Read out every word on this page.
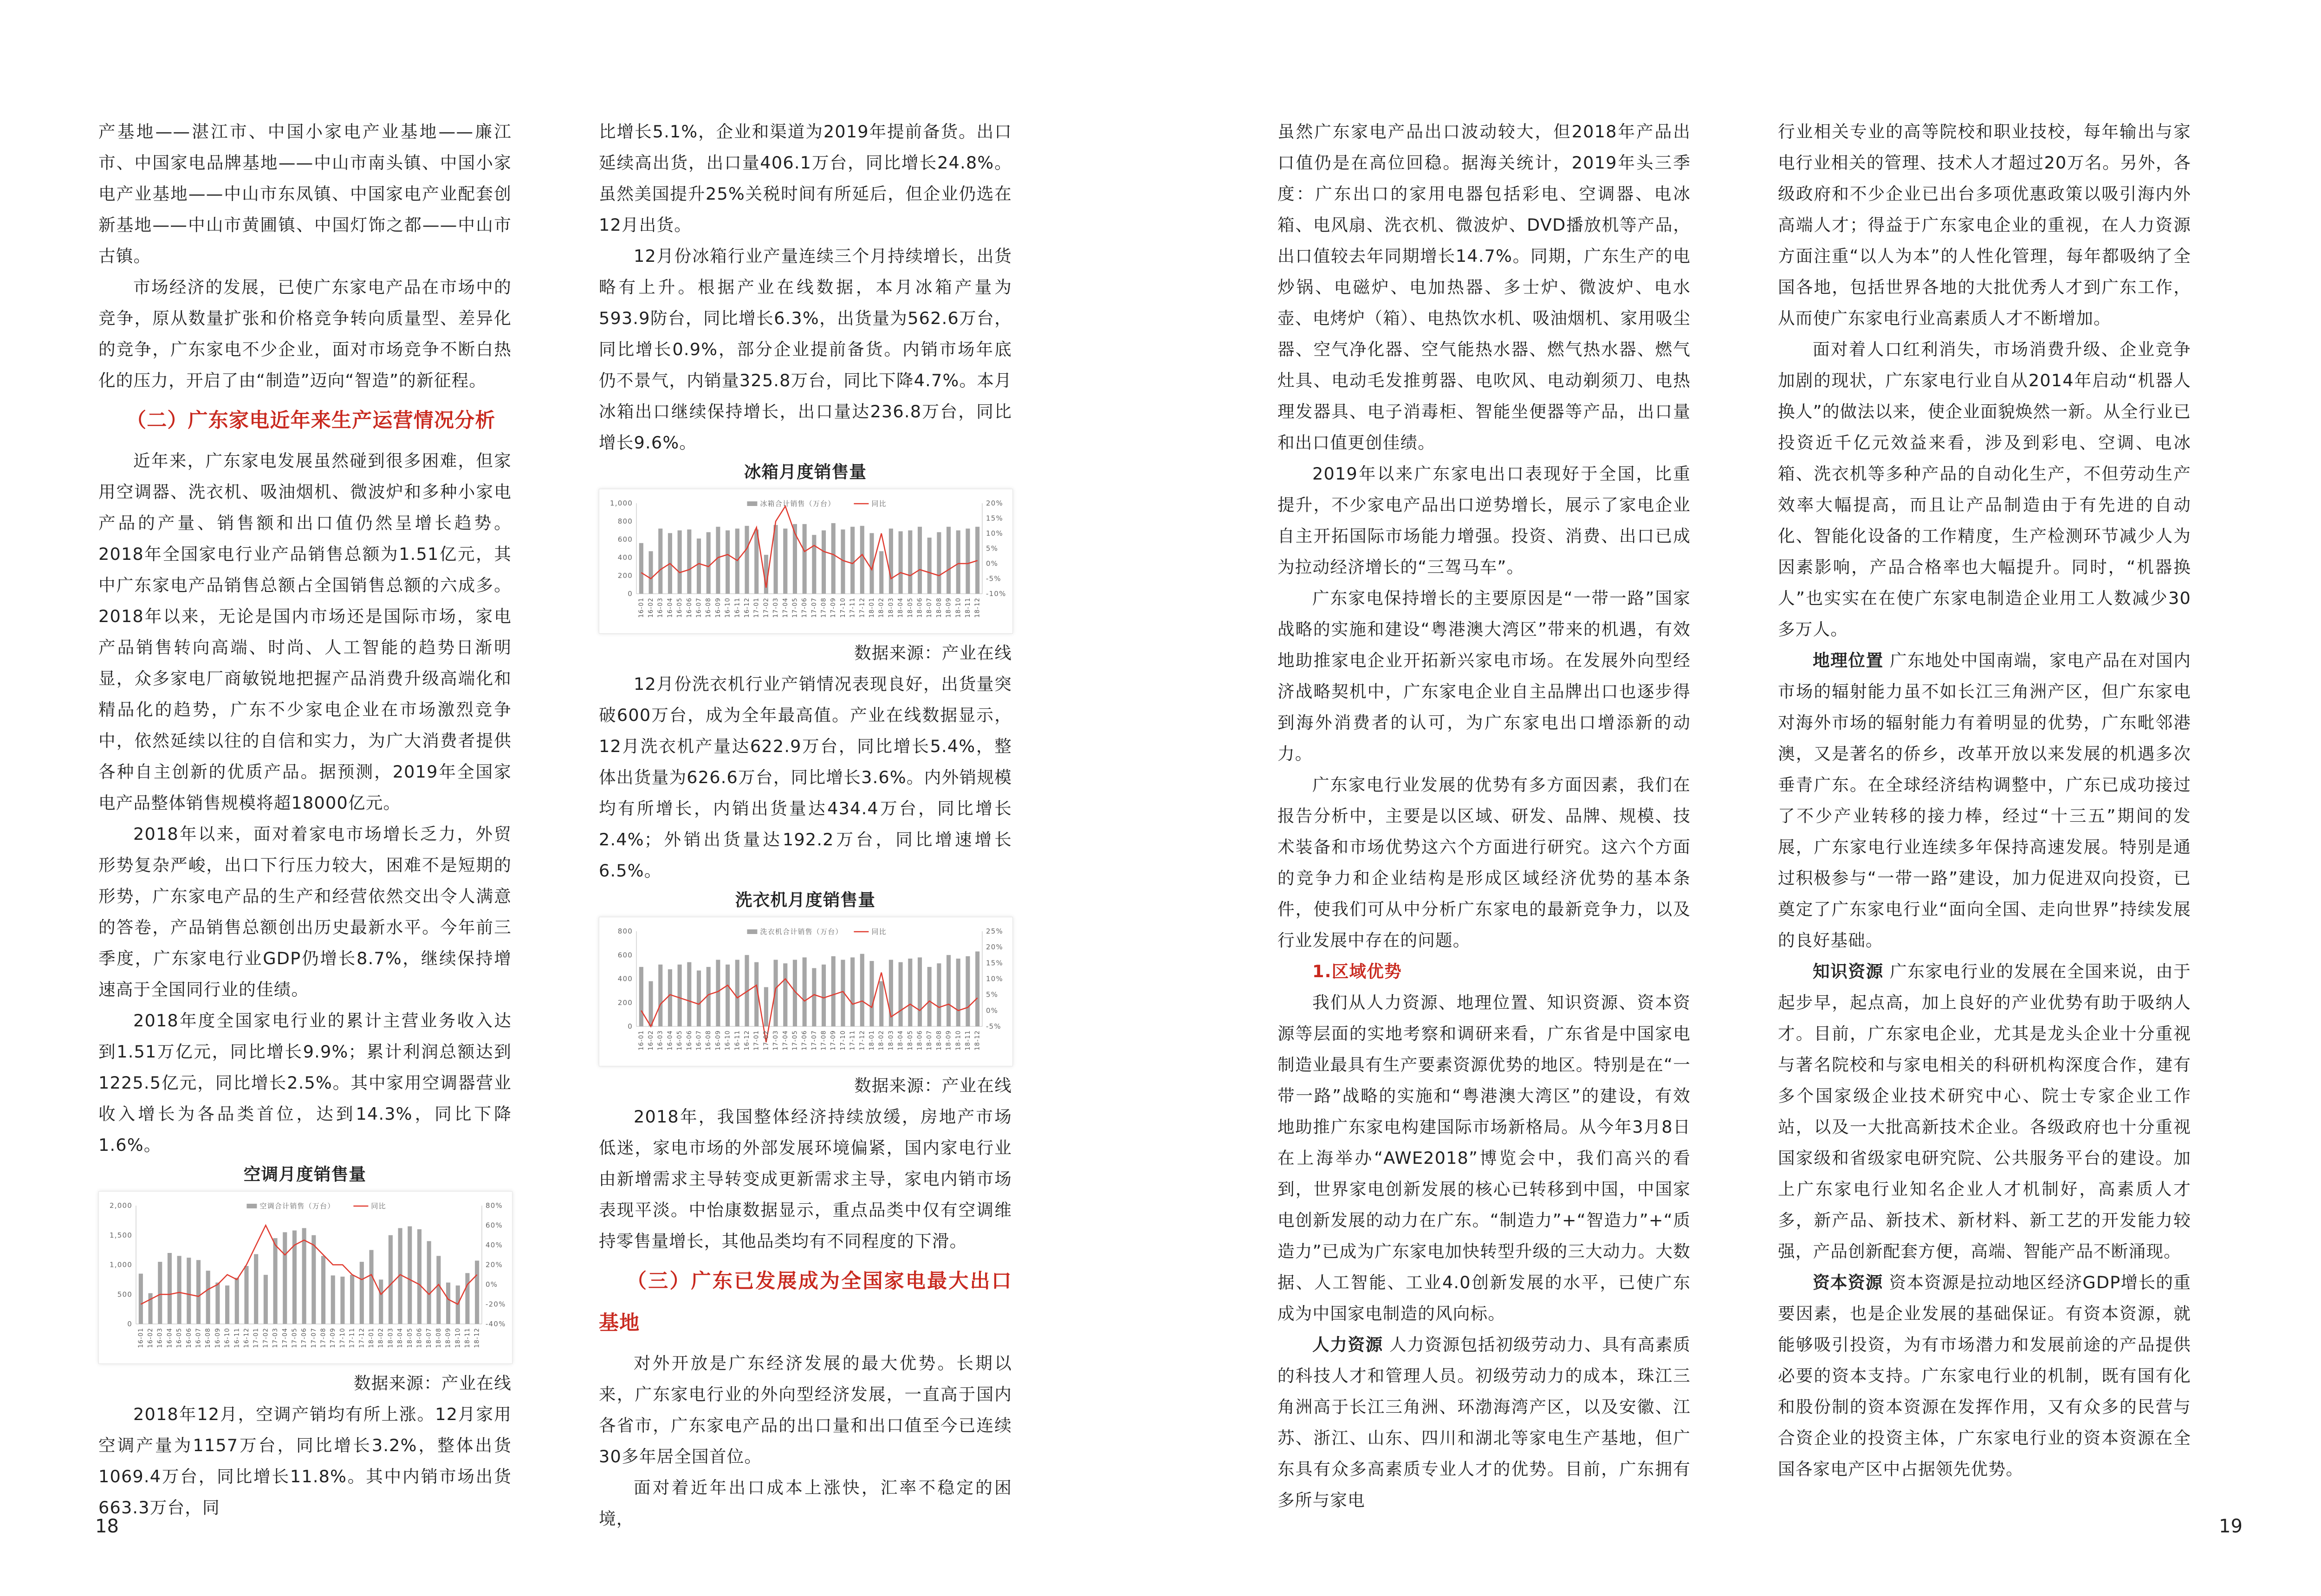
产基地——湛江市、中国小家电产业基地——廉江市、中国家电品牌基地——中山市南头镇、中国小家电产业基地——中山市东凤镇、中国家电产业配套创新基地——中山市黄圃镇、中国灯饰之都——中山市古镇。

市场经济的发展，已使广东家电产品在市场中的竞争，原从数量扩张和价格竞争转向质量型、差异化的竞争，广东家电不少企业，面对市场竞争不断白热化的压力，开启了由“制造”迈向“智造”的新征程。

（二）广东家电近年来生产运营情况分析

近年来，广东家电发展虽然碰到很多困难，但家用空调器、洗衣机、吸油烟机、微波炉和多种小家电产品的产量、销售额和出口值仍然呈增长趋势。2018年全国家电行业产品销售总额为1.51亿元，其中广东家电产品销售总额占全国销售总额的六成多。2018年以来，无论是国内市场还是国际市场，家电产品销售转向高端、时尚、人工智能的趋势日渐明显，众多家电厂商敏锐地把握产品消费升级高端化和精品化的趋势，广东不少家电企业在市场激烈竞争中，依然延续以往的自信和实力，为广大消费者提供各种自主创新的优质产品。据预测，2019年全国家电产品整体销售规模将超18000亿元。

2018年以来，面对着家电市场增长乏力，外贸形势复杂严峻，出口下行压力较大，困难不是短期的形势，广东家电产品的生产和经营依然交出令人满意的答卷，产品销售总额创出历史最新水平。今年前三季度，广东家电行业GDP仍增长8.7%，继续保持增速高于全国同行业的佳绩。

2018年度全国家电行业的累计主营业务收入达到1.51万亿元，同比增长9.9%；累计利润总额达到1225.5亿元，同比增长2.5%。其中家用空调器营业收入增长为各品类首位，达到14.3%，同比下降1.6%。

空调月度销售量

2,000
1,500
1,000
500
0
80%
60%
40%
20%
0%
-20%
-40%
16-01 16-02 16-03 16-04 16-05 16-06 16-07 16-08 16-09 16-10 16-11 16-12 17-01 17-02 17-03 17-04 17-05 17-06 17-07 17-08 17-09 17-10 17-11 17-12 18-01 18-02 18-03 18-04 18-05 18-06 18-07 18-08 18-09 18-10 18-11 18-12
空调合计销售（万台）	同比

数据来源：产业在线

2018年12月，空调产销均有所上涨。12月家用空调产量为1157万台，同比增长3.2%，整体出货1069.4万台，同比增长11.8%。其中内销市场出货663.3万台，同

比增长5.1%，企业和渠道为2019年提前备货。出口延续高出货，出口量406.1万台，同比增长24.8%。虽然美国提升25%关税时间有所延后，但企业仍选在12月出货。

12月份冰箱行业产量连续三个月持续增长，出货略有上升。根据产业在线数据，本月冰箱产量为593.9防台，同比增长6.3%，出货量为562.6万台，同比增长0.9%，部分企业提前备货。内销市场年底仍不景气，内销量325.8万台，同比下降4.7%。本月冰箱出口继续保持增长，出口量达236.8万台，同比增长9.6%。

冰箱月度销售量

1,000
800
600
400
200
0
20%
15%
10%
5%
0%
-5%
-10%
16-01 16-02 16-03 16-04 16-05 16-06 16-07 16-08 16-09 16-10 16-11 16-12 17-01 17-02 17-03 17-04 17-05 17-06 17-07 17-08 17-09 17-10 17-11 17-12 18-01 18-02 18-03 18-04 18-05 18-06 18-07 18-08 18-09 18-10 18-11 18-12
冰箱合计销售（万台）	同比

数据来源：产业在线

12月份洗衣机行业产销情况表现良好，出货量突破600万台，成为全年最高值。产业在线数据显示，12月洗衣机产量达622.9万台，同比增长5.4%，整体出货量为626.6万台，同比增长3.6%。内外销规模均有所增长，内销出货量达434.4万台，同比增长2.4%；外销出货量达192.2万台，同比增速增长6.5%。

洗衣机月度销售量

800
600
400
200
0
25%
20%
15%
10%
5%
0%
-5%
16-01 16-02 16-03 16-04 16-05 16-06 16-07 16-08 16-09 16-10 16-11 16-12 17-01 17-02 17-03 17-04 17-05 17-06 17-07 17-08 17-09 17-10 17-11 17-12 18-01 18-02 18-03 18-04 18-05 18-06 18-07 18-08 18-09 18-10 18-11 18-12
洗衣机合计销售（万台）	同比

数据来源：产业在线

2018年，我国整体经济持续放缓，房地产市场低迷，家电市场的外部发展环境偏紧，国内家电行业由新增需求主导转变成更新需求主导，家电内销市场表现平淡。中怡康数据显示，重点品类中仅有空调维持零售量增长，其他品类均有不同程度的下滑。

（三）广东已发展成为全国家电最大出口基地

对外开放是广东经济发展的最大优势。长期以来，广东家电行业的外向型经济发展，一直高于国内各省市，广东家电产品的出口量和出口值至今已连续30多年居全国首位。

面对着近年出口成本上涨快，汇率不稳定的困境，

虽然广东家电产品出口波动较大，但2018年产品出口值仍是在高位回稳。据海关统计，2019年头三季度：广东出口的家用电器包括彩电、空调器、电冰箱、电风扇、洗衣机、微波炉、DVD播放机等产品，出口值较去年同期增长14.7%。同期，广东生产的电炒锅、电磁炉、电加热器、多士炉、微波炉、电水壶、电烤炉（箱）、电热饮水机、吸油烟机、家用吸尘器、空气净化器、空气能热水器、燃气热水器、燃气灶具、电动毛发推剪器、电吹风、电动剃须刀、电热理发器具、电子消毒柜、智能坐便器等产品，出口量和出口值更创佳绩。

2019年以来广东家电出口表现好于全国，比重提升，不少家电产品出口逆势增长，展示了家电企业自主开拓国际市场能力增强。投资、消费、出口已成为拉动经济增长的“三驾马车”。

广东家电保持增长的主要原因是“一带一路”国家战略的实施和建设“粤港澳大湾区”带来的机遇，有效地助推家电企业开拓新兴家电市场。在发展外向型经济战略契机中，广东家电企业自主品牌出口也逐步得到海外消费者的认可，为广东家电出口增添新的动力。

广东家电行业发展的优势有多方面因素，我们在报告分析中，主要是以区域、研发、品牌、规模、技术装备和市场优势这六个方面进行研究。这六个方面的竞争力和企业结构是形成区域经济优势的基本条件，使我们可从中分析广东家电的最新竞争力，以及行业发展中存在的问题。

1.区域优势

我们从人力资源、地理位置、知识资源、资本资源等层面的实地考察和调研来看，广东省是中国家电制造业最具有生产要素资源优势的地区。特别是在“一带一路”战略的实施和“粤港澳大湾区”的建设，有效地助推广东家电构建国际市场新格局。从今年3月8日在上海举办“AWE2018”博览会中，我们高兴的看到，世界家电创新发展的核心已转移到中国，中国家电创新发展的动力在广东。“制造力”+“智造力”+“质造力”已成为广东家电加快转型升级的三大动力。大数据、人工智能、工业4.0创新发展的水平，已使广东成为中国家电制造的风向标。

人力资源 人力资源包括初级劳动力、具有高素质的科技人才和管理人员。初级劳动力的成本，珠江三角洲高于长江三角洲、环渤海湾产区，以及安徽、江苏、浙江、山东、四川和湖北等家电生产基地，但广东具有众多高素质专业人才的优势。目前，广东拥有多所与家电

行业相关专业的高等院校和职业技校，每年输出与家电行业相关的管理、技术人才超过20万名。另外，各级政府和不少企业已出台多项优惠政策以吸引海内外高端人才；得益于广东家电企业的重视，在人力资源方面注重“以人为本”的人性化管理，每年都吸纳了全国各地，包括世界各地的大批优秀人才到广东工作，从而使广东家电行业高素质人才不断增加。

面对着人口红利消失，市场消费升级、企业竞争加剧的现状，广东家电行业自从2014年启动“机器人换人”的做法以来，使企业面貌焕然一新。从全行业已投资近千亿元效益来看，涉及到彩电、空调、电冰箱、洗衣机等多种产品的自动化生产，不但劳动生产效率大幅提高，而且让产品制造由于有先进的自动化、智能化设备的工作精度，生产检测环节减少人为因素影响，产品合格率也大幅提升。同时，“机器换人”也实实在在使广东家电制造企业用工人数减少30多万人。

地理位置 广东地处中国南端，家电产品在对国内市场的辐射能力虽不如长江三角洲产区，但广东家电对海外市场的辐射能力有着明显的优势，广东毗邻港澳，又是著名的侨乡，改革开放以来发展的机遇多次垂青广东。在全球经济结构调整中，广东已成功接过了不少产业转移的接力棒，经过“十三五”期间的发展，广东家电行业连续多年保持高速发展。特别是通过积极参与“一带一路”建设，加力促进双向投资，已奠定了广东家电行业“面向全国、走向世界”持续发展的良好基础。

知识资源 广东家电行业的发展在全国来说，由于起步早，起点高，加上良好的产业优势有助于吸纳人才。目前，广东家电企业，尤其是龙头企业十分重视与著名院校和与家电相关的科研机构深度合作，建有多个国家级企业技术研究中心、院士专家企业工作站，以及一大批高新技术企业。各级政府也十分重视国家级和省级家电研究院、公共服务平台的建设。加上广东家电行业知名企业人才机制好，高素质人才多，新产品、新技术、新材料、新工艺的开发能力较强，产品创新配套方便，高端、智能产品不断涌现。

资本资源 资本资源是拉动地区经济GDP增长的重要因素，也是企业发展的基础保证。有资本资源，就能够吸引投资，为有市场潜力和发展前途的产品提供必要的资本支持。广东家电行业的机制，既有国有化和股份制的资本资源在发挥作用，又有众多的民营与合资企业的投资主体，广东家电行业的资本资源在全国各家电产区中占据领先优势。

18	19
